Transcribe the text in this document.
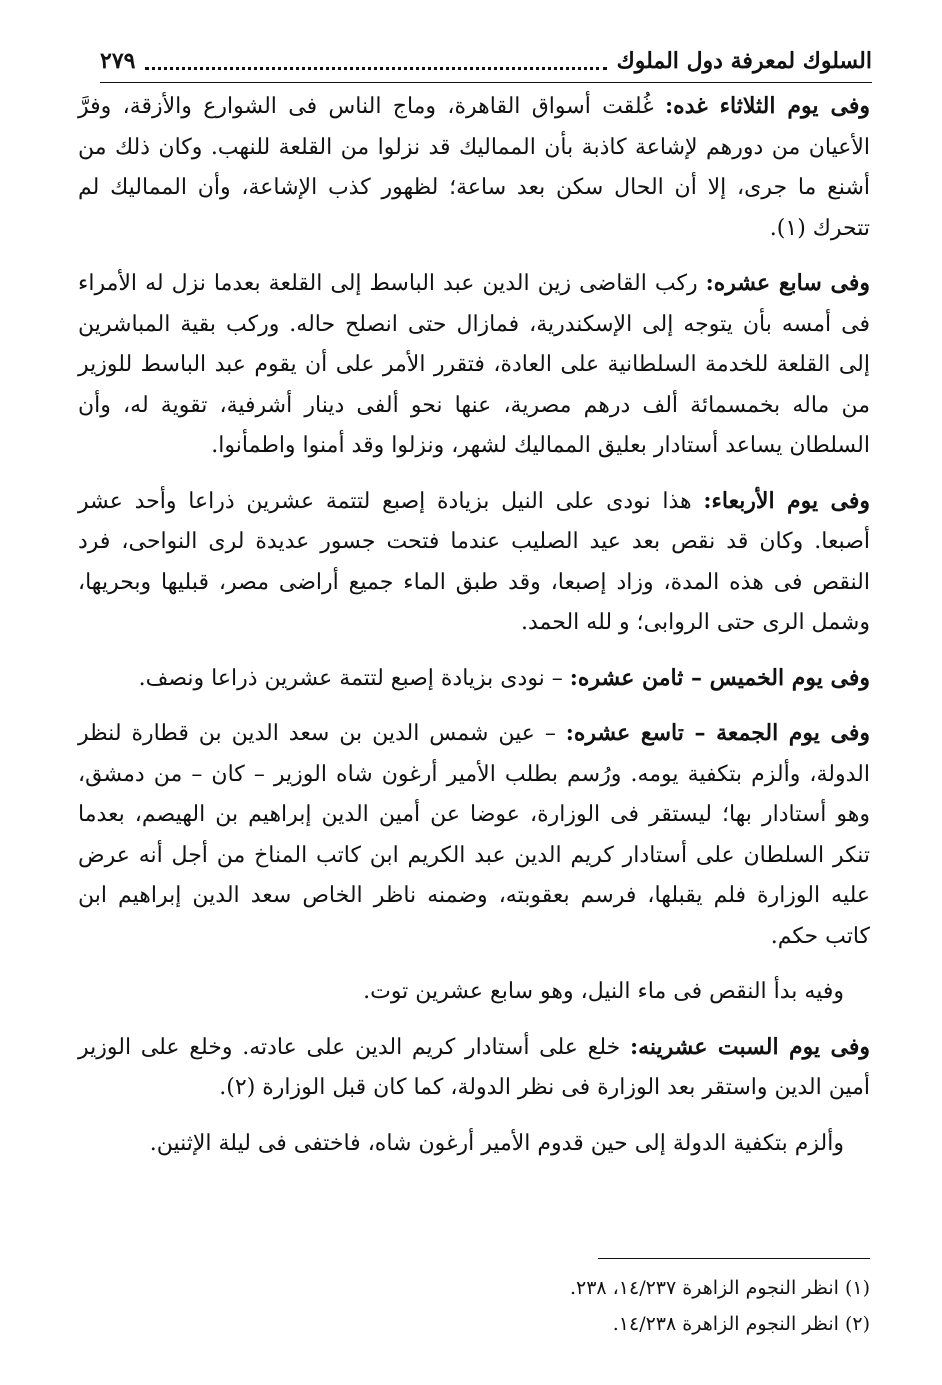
السلوك لمعرفة دول الملوك
٢٧٩

وفى يوم الثلاثاء غده: غُلقت أسواق القاهرة، وماج الناس فى الشوارع والأزقة، وفرَّ الأعيان من دورهم لإشاعة كاذبة بأن المماليك قد نزلوا من القلعة للنهب. وكان ذلك من أشنع ما جرى، إلا أن الحال سكن بعد ساعة؛ لظهور كذب الإشاعة، وأن المماليك لم تتحرك (١).

وفى سابع عشره: ركب القاضى زين الدين عبد الباسط إلى القلعة بعدما نزل له الأمراء فى أمسه بأن يتوجه إلى الإسكندرية، فمازال حتى انصلح حاله. وركب بقية المباشرين إلى القلعة للخدمة السلطانية على العادة، فتقرر الأمر على أن يقوم عبد الباسط للوزير من ماله بخمسمائة ألف درهم مصرية، عنها نحو ألفى دينار أشرفية، تقوية له، وأن السلطان يساعد أستادار بعليق المماليك لشهر، ونزلوا وقد أمنوا واطمأنوا.

وفى يوم الأربعاء: هذا نودى على النيل بزيادة إصبع لتتمة عشرين ذراعا وأحد عشر أصبعا. وكان قد نقص بعد عيد الصليب عندما فتحت جسور عديدة لرى النواحى، فرد النقص فى هذه المدة، وزاد إصبعا، وقد طبق الماء جميع أراضى مصر، قبليها وبحريها، وشمل الرى حتى الروابى؛ و لله الحمد.

وفى يوم الخميس – ثامن عشره: – نودى بزيادة إصبع لتتمة عشرين ذراعا ونصف.

وفى يوم الجمعة – تاسع عشره: – عين شمس الدين بن سعد الدين بن قطارة لنظر الدولة، وألزم بتكفية يومه. ورُسم بطلب الأمير أرغون شاه الوزير – كان – من دمشق، وهو أستادار بها؛ ليستقر فى الوزارة، عوضا عن أمين الدين إبراهيم بن الهيصم، بعدما تنكر السلطان على أستادار كريم الدين عبد الكريم ابن كاتب المناخ من أجل أنه عرض عليه الوزارة فلم يقبلها، فرسم بعقوبته، وضمنه ناظر الخاص سعد الدين إبراهيم ابن كاتب حكم.

وفيه بدأ النقص فى ماء النيل، وهو سابع عشرين توت.

وفى يوم السبت عشرينه: خلع على أستادار كريم الدين على عادته. وخلع على الوزير أمين الدين واستقر بعد الوزارة فى نظر الدولة، كما كان قبل الوزارة (٢).

وألزم بتكفية الدولة إلى حين قدوم الأمير أرغون شاه، فاختفى فى ليلة الإثنين.

(١) انظر النجوم الزاهرة ١٤/٢٣٧، ٢٣٨.

(٢) انظر النجوم الزاهرة ١٤/٢٣٨.
